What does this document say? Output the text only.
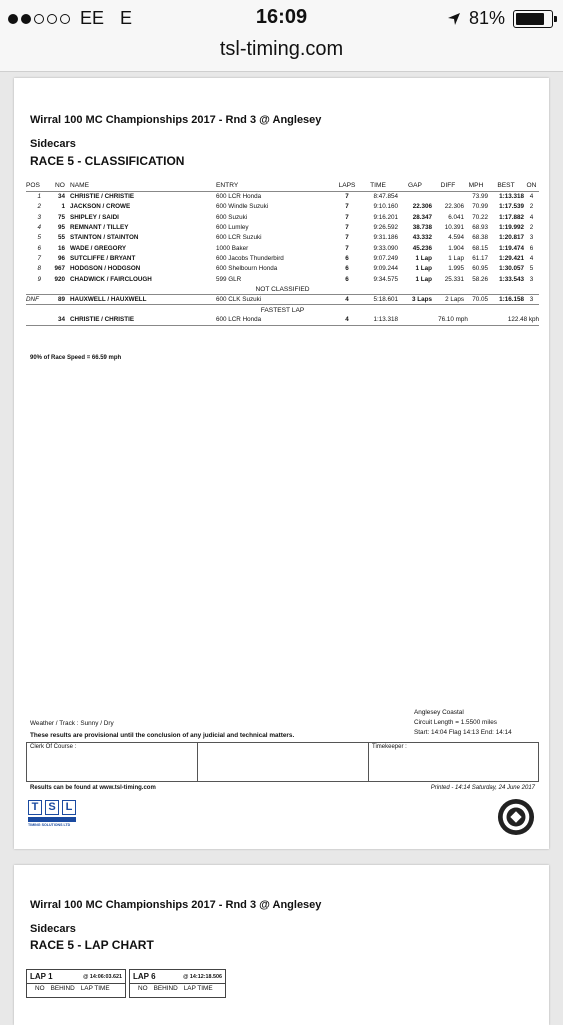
EE E	16:09	81%
tsl-timing.com
Wirral 100 MC Championships 2017 - Rnd 3 @ Anglesey
Sidecars
RACE 5 - CLASSIFICATION
POS	NO	NAME	ENTRY	LAPS	TIME	GAP	DIFF	MPH	BEST	ON
1	34	CHRISTIE / CHRISTIE	600 LCR Honda	7	8:47.854			73.99	1:13.318	4
2	1	JACKSON / CROWE	600 Windle Suzuki	7	9:10.160	22.306	22.306	70.99	1:17.539	2
3	75	SHIPLEY / SAIDI	600 Suzuki	7	9:16.201	28.347	6.041	70.22	1:17.882	4
4	95	REMNANT / TILLEY	600 Lumley	7	9:26.592	38.738	10.391	68.93	1:19.992	2
5	55	STAINTON / STAINTON	600 LCR Suzuki	7	9:31.186	43.332	4.594	68.38	1:20.817	3
6	16	WADE / GREGORY	1000 Baker	7	9:33.090	45.236	1.904	68.15	1:19.474	6
7	96	SUTCLIFFE / BRYANT	600 Jacobs Thunderbird	6	9:07.249	1 Lap	1 Lap	61.17	1:29.421	4
8	967	HODGSON / HODGSON	600 Shelbourn Honda	6	9:09.244	1 Lap	1.995	60.95	1:30.057	5
9	920	CHADWICK / FAIRCLOUGH	599 GLR	6	9:34.575	1 Lap	25.331	58.26	1:33.543	3
NOT CLASSIFIED										
DNF	89	HAUXWELL / HAUXWELL	600 CLK Suzuki	4	5:18.601	3 Laps	2 Laps	70.05	1:16.158	3
FASTEST LAP										
	34	CHRISTIE / CHRISTIE	600 LCR Honda	4	1:13.318	76.10 mph			122.48 kph	
90% of Race Speed = 66.59 mph
Anglesey Coastal
Circuit Length = 1.5500 miles
Start: 14:04 Flag 14:13 End: 14:14
Weather / Track : Sunny / Dry
These results are provisional until the conclusion of any judicial and technical matters.
Clerk Of Course :	Timekeeper :
Results can be found at www.tsl-timing.com	Printed - 14:14 Saturday, 24 June 2017
T S L
TIMING SOLUTIONS LTD
Wirral 100 MC Championships 2017 - Rnd 3 @ Anglesey
Sidecars
RACE 5 - LAP CHART
LAP 1	@ 14:06:03.621
NO BEHIND LAP TIME
LAP 6	@ 14:12:18.506
NO BEHIND LAP TIME
